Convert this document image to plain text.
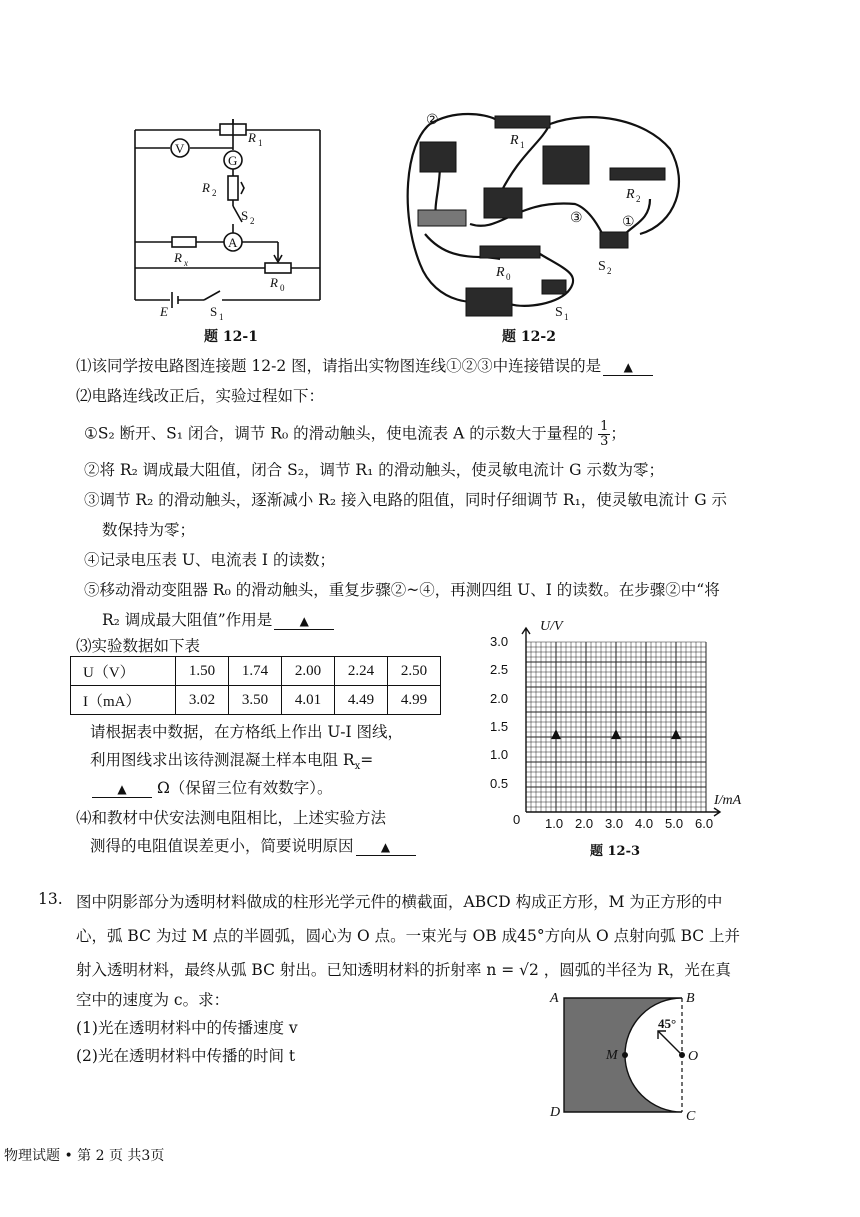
V
G
A
R 1
R 2
S 2
R x
R 0
E	S 1
题 12-1
②
③	①
R 1
R 2
R 0
S 2
S 1
题 12-2
⑴该同学按电路图连接题 12-2 图，请指出实物图连线①②③中连接错误的是 ▲
⑵电路连线改正后，实验过程如下：
①S₂ 断开、S₁ 闭合，调节 R₀ 的滑动触头，使电流表 A 的示数大于量程的 $\frac{1}{3}$ ；
②将 R₂ 调成最大阻值，闭合 S₂，调节 R₁ 的滑动触头，使灵敏电流计 G 示数为零；
③调节 R₂ 的滑动触头，逐渐减小 R₂ 接入电路的阻值，同时仔细调节 R₁，使灵敏电流计 G 示
数保持为零；
④记录电压表 U、电流表 I 的读数；
⑤移动滑动变阻器 R₀ 的滑动触头，重复步骤②~④，再测四组 U、I 的读数。在步骤②中“将
R₂ 调成最大阻值”作用是 ▲
⑶实验数据如下表
U（V）	1.50	1.74	2.00	2.24	2.50
I（mA）	3.02	3.50	4.01	4.49	4.99
请根据表中数据，在方格纸上作出 U-I 图线，
利用图线求出该待测混凝土样本电阻 $R_x=$
▲ Ω（保留三位有效数字）。
⑷和教材中伏安法测电阻相比，上述实验方法
测得的电阻值误差更小，简要说明原因 ▲
▲	▲	▲
U/V
I/mA
0
0.5
1.0
1.5
2.0
2.5
3.0
1.0 2.0 3.0 4.0 5.0 6.0
题 12-3
13. 图中阴影部分为透明材料做成的柱形光学元件的横截面，ABCD 构成正方形，M 为正方形的中
心，弧 BC 为过 M 点的半圆弧，圆心为 O 点。一束光与 OB 成45°方向从 O 点射向弧 BC 上并
射入透明材料，最终从弧 BC 射出。已知透明材料的折射率 n = √2 ，圆弧的半径为 R，光在真
空中的速度为 c。求：
(1)光在透明材料中的传播速度 v
(2)光在透明材料中传播的时间 t
A	B
C
D
M	O
45°
物理试题 • 第 2 页 共3页
